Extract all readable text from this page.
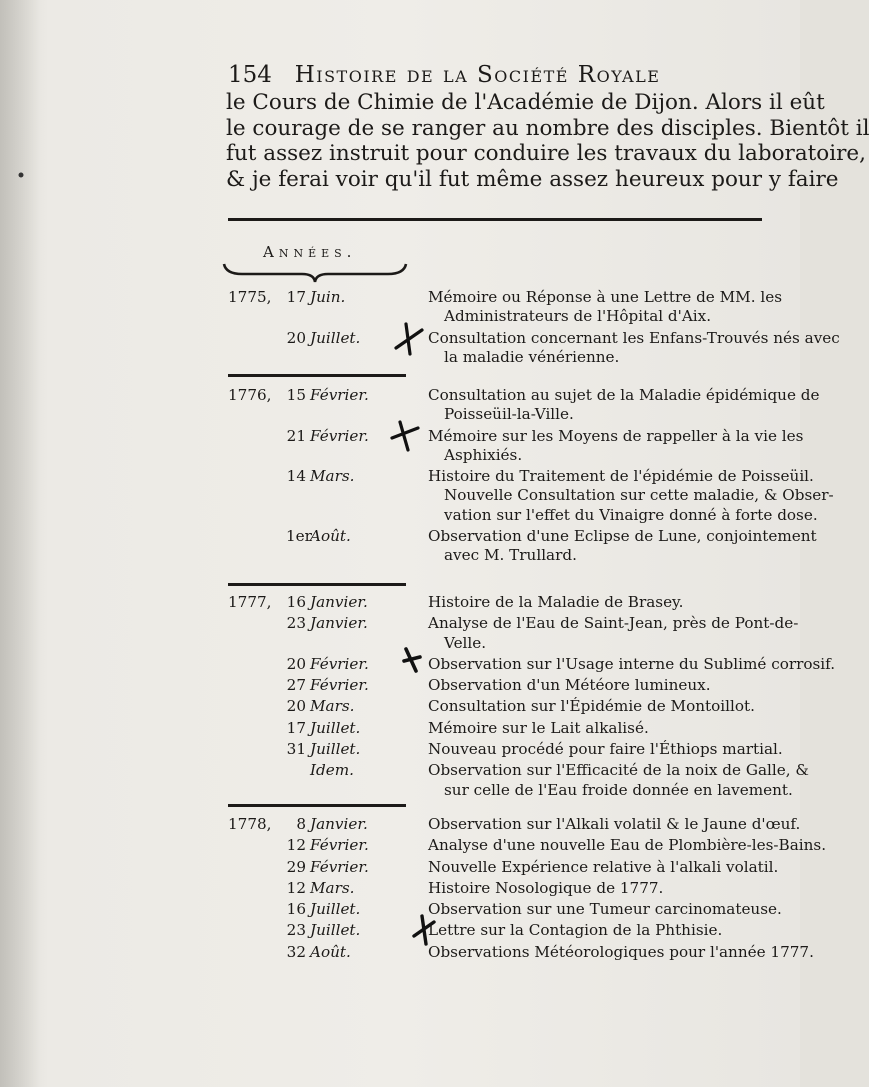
154 Histoire de la Société Royale
le Cours de Chimie de l'Académie de Dijon. Alors il eût
le courage de se ranger au nombre des disciples. Bientôt il
fut assez instruit pour conduire les travaux du laboratoire,
& je ferai voir qu'il fut même assez heureux pour y faire
Années.
1775, 17 Juin.	Mémoire ou Réponse à une Lettre de MM. les
Administrateurs de l'Hôpital d'Aix.
20 Juillet.	Consultation concernant les Enfans-Trouvés nés avec
la maladie vénérienne.
1776, 15 Février.	Consultation au sujet de la Maladie épidémique de
Poisseüil-la-Ville.
21 Février.	Mémoire sur les Moyens de rappeller à la vie les
Asphixiés.
14 Mars.	Histoire du Traitement de l'épidémie de Poisseüil.
Nouvelle Consultation sur cette maladie, & Obser-
vation sur l'effet du Vinaigre donné à forte dose.
1erAoût.	Observation d'une Eclipse de Lune, conjointement
avec M. Trullard.
1777, 16 Janvier.	Histoire de la Maladie de Brasey.
23 Janvier.	Analyse de l'Eau de Saint-Jean, près de Pont-de-
Velle.
20 Février.	Observation sur l'Usage interne du Sublimé corrosif.
27 Février.	Observation d'un Météore lumineux.
20 Mars.	Consultation sur l'Épidémie de Montoillot.
17 Juillet.	Mémoire sur le Lait alkalisé.
31 Juillet.	Nouveau procédé pour faire l'Éthiops martial.
Idem.	Observation sur l'Efficacité de la noix de Galle, &
sur celle de l'Eau froide donnée en lavement.
1778, 8 Janvier.	Observation sur l'Alkali volatil & le Jaune d'œuf.
12 Février.	Analyse d'une nouvelle Eau de Plombière-les-Bains.
29 Février.	Nouvelle Expérience relative à l'alkali volatil.
12 Mars.	Histoire Nosologique de 1777.
16 Juillet.	Observation sur une Tumeur carcinomateuse.
23 Juillet.	Lettre sur la Contagion de la Phthisie.
32 Août.	Observations Météorologiques pour l'année 1777.
